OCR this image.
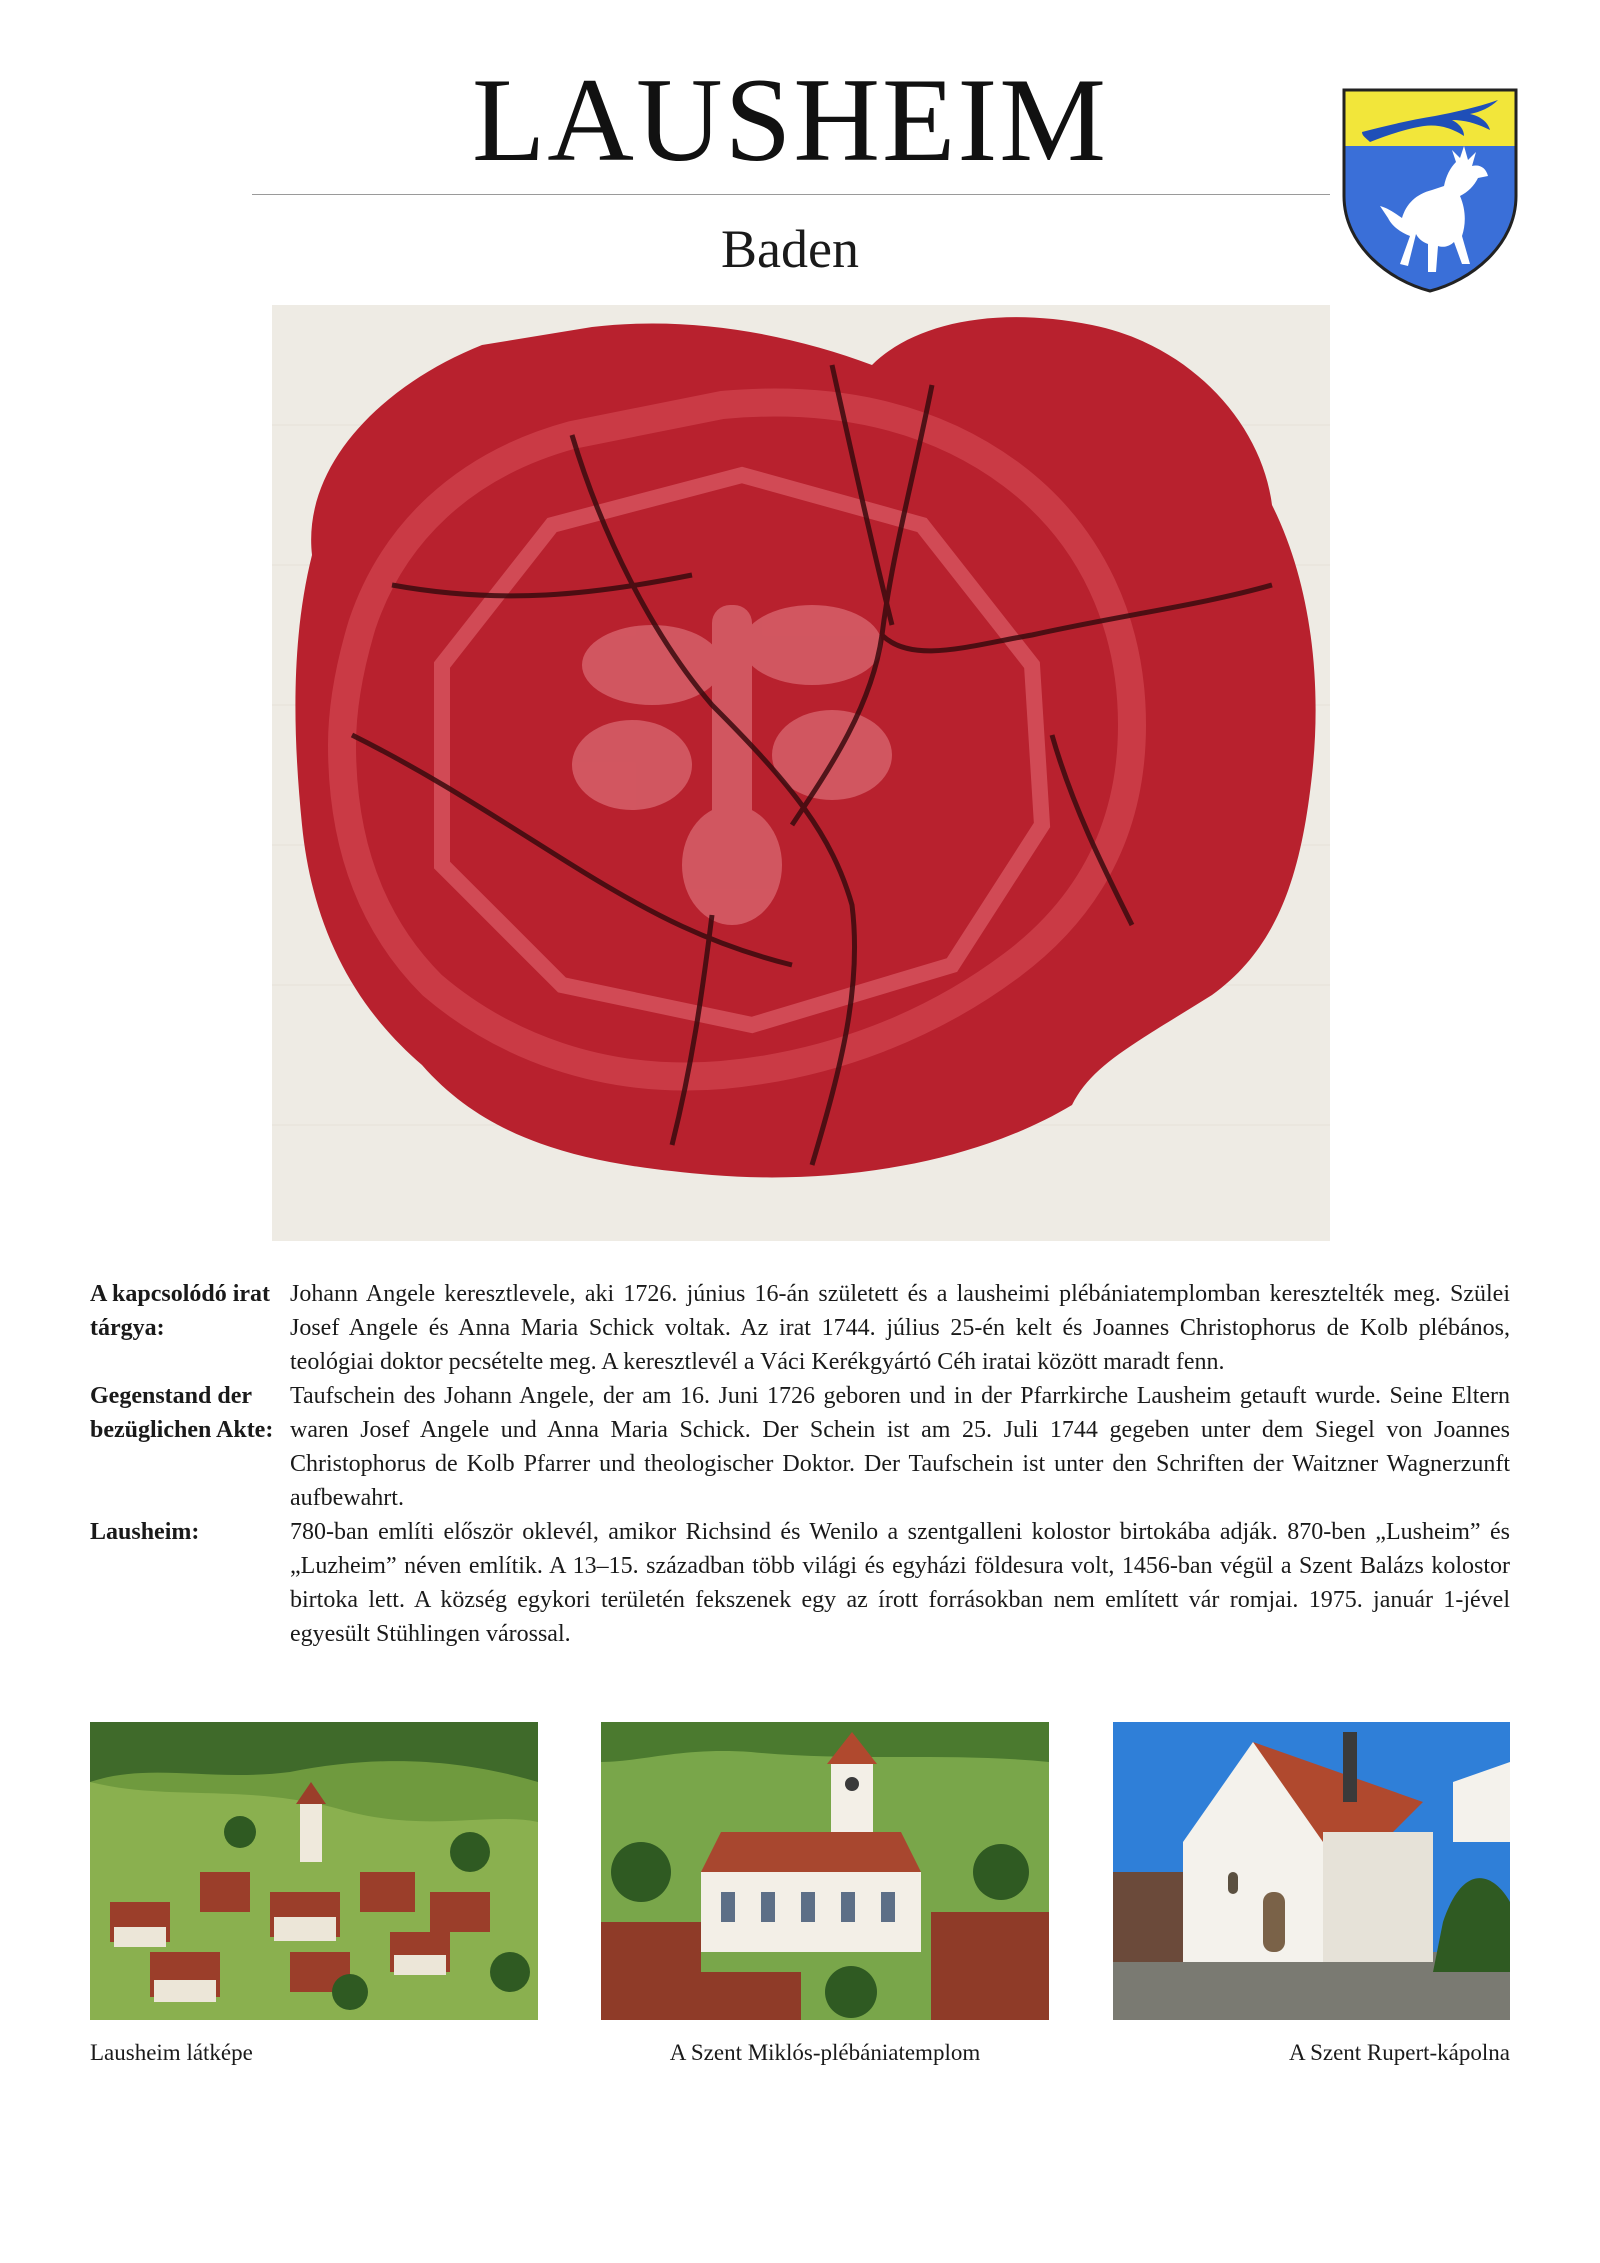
LAUSHEIM
Baden
A kapcsolódó irat tárgya:
Johann Angele keresztlevele, aki 1726. június 16-án született és a lausheimi plébániatemplomban keresztelték meg. Szülei Josef Angele és Anna Maria Schick voltak. Az irat 1744. július 25-én kelt és Joannes Christophorus de Kolb plébános, teológiai doktor pecsételte meg. A keresztlevél a Váci Kerékgyártó Céh iratai között maradt fenn.
Gegenstand der bezüglichen Akte:
Taufschein des Johann Angele, der am 16. Juni 1726 geboren und in der Pfarrkirche Lausheim getauft wurde. Seine Eltern waren Josef Angele und Anna Maria Schick. Der Schein ist am 25. Juli 1744 gegeben unter dem Siegel von Joannes Christophorus de Kolb Pfarrer und theologischer Doktor. Der Taufschein ist unter den Schriften der Waitzner Wagnerzunft aufbewahrt.
Lausheim:	780-ban említi először oklevél, amikor Richsind és Wenilo a szentgalleni kolostor birtokába adják. 870-ben „Lusheim” és „Luzheim” néven említik. A 13–15. században több világi és egyházi földesura volt, 1456-ban végül a Szent Balázs kolostor birtoka lett. A község egykori területén fekszenek egy az írott forrásokban nem említett vár romjai. 1975. január 1-jével egyesült Stühlingen várossal.
Lausheim látképe	A Szent Miklós-plébániatemplom	A Szent Rupert-kápolna
